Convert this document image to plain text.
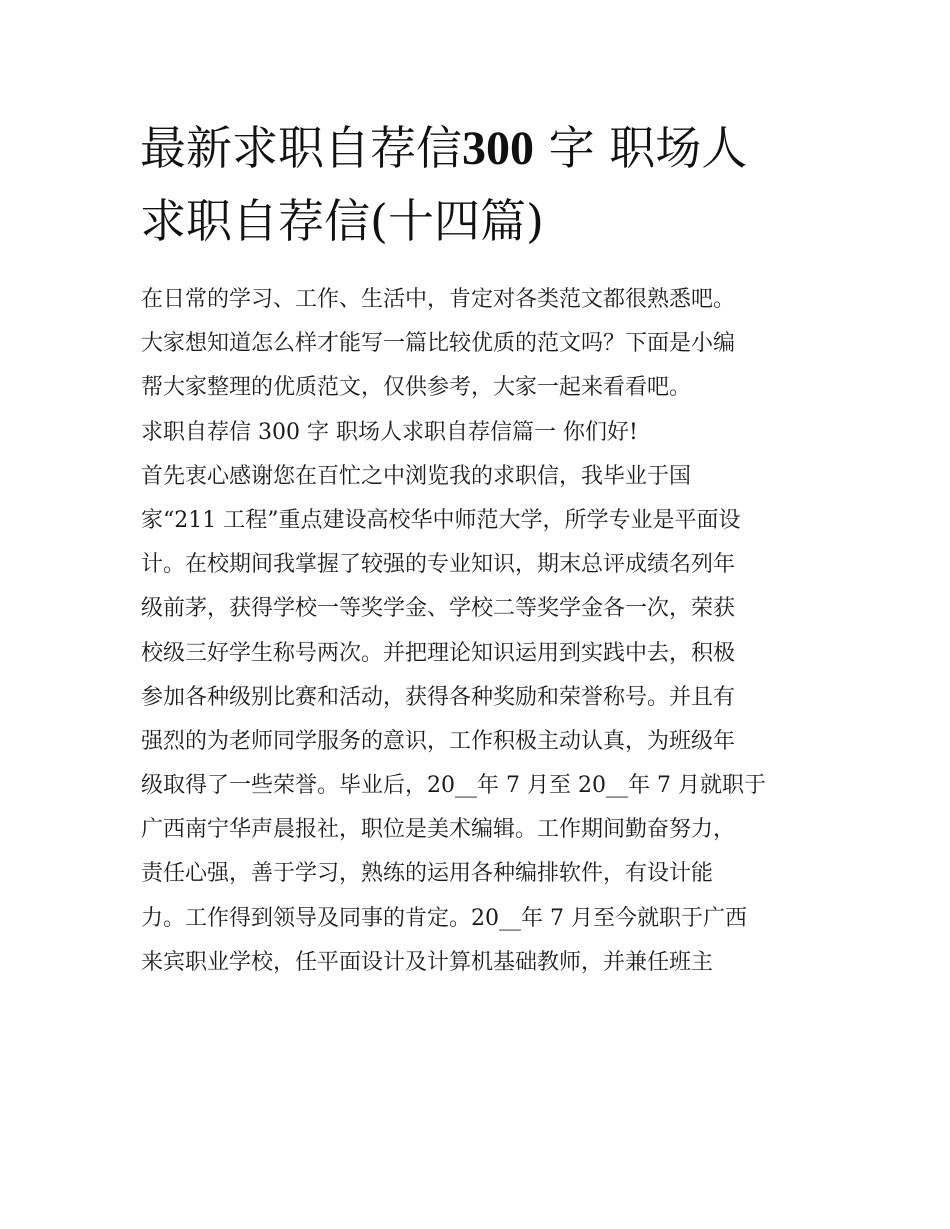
最新求职自荐信300 字 职场人
求职自荐信(十四篇)
在日常的学习、工作、生活中，肯定对各类范文都很熟悉吧。
大家想知道怎么样才能写一篇比较优质的范文吗？下面是小编
帮大家整理的优质范文，仅供参考，大家一起来看看吧。
求职自荐信 300 字 职场人求职自荐信篇一 你们好!
首先衷心感谢您在百忙之中浏览我的求职信，我毕业于国
家“211 工程”重点建设高校华中师范大学，所学专业是平面设
计。在校期间我掌握了较强的专业知识，期末总评成绩名列年
级前茅，获得学校一等奖学金、学校二等奖学金各一次，荣获
校级三好学生称号两次。并把理论知识运用到实践中去，积极
参加各种级别比赛和活动，获得各种奖励和荣誉称号。并且有
强烈的为老师同学服务的意识，工作积极主动认真，为班级年
级取得了一些荣誉。毕业后，20__年 7 月至 20__年 7 月就职于
广西南宁华声晨报社，职位是美术编辑。工作期间勤奋努力，
责任心强，善于学习，熟练的运用各种编排软件，有设计能
力。工作得到领导及同事的肯定。20__年 7 月至今就职于广西
来宾职业学校，任平面设计及计算机基础教师，并兼任班主
